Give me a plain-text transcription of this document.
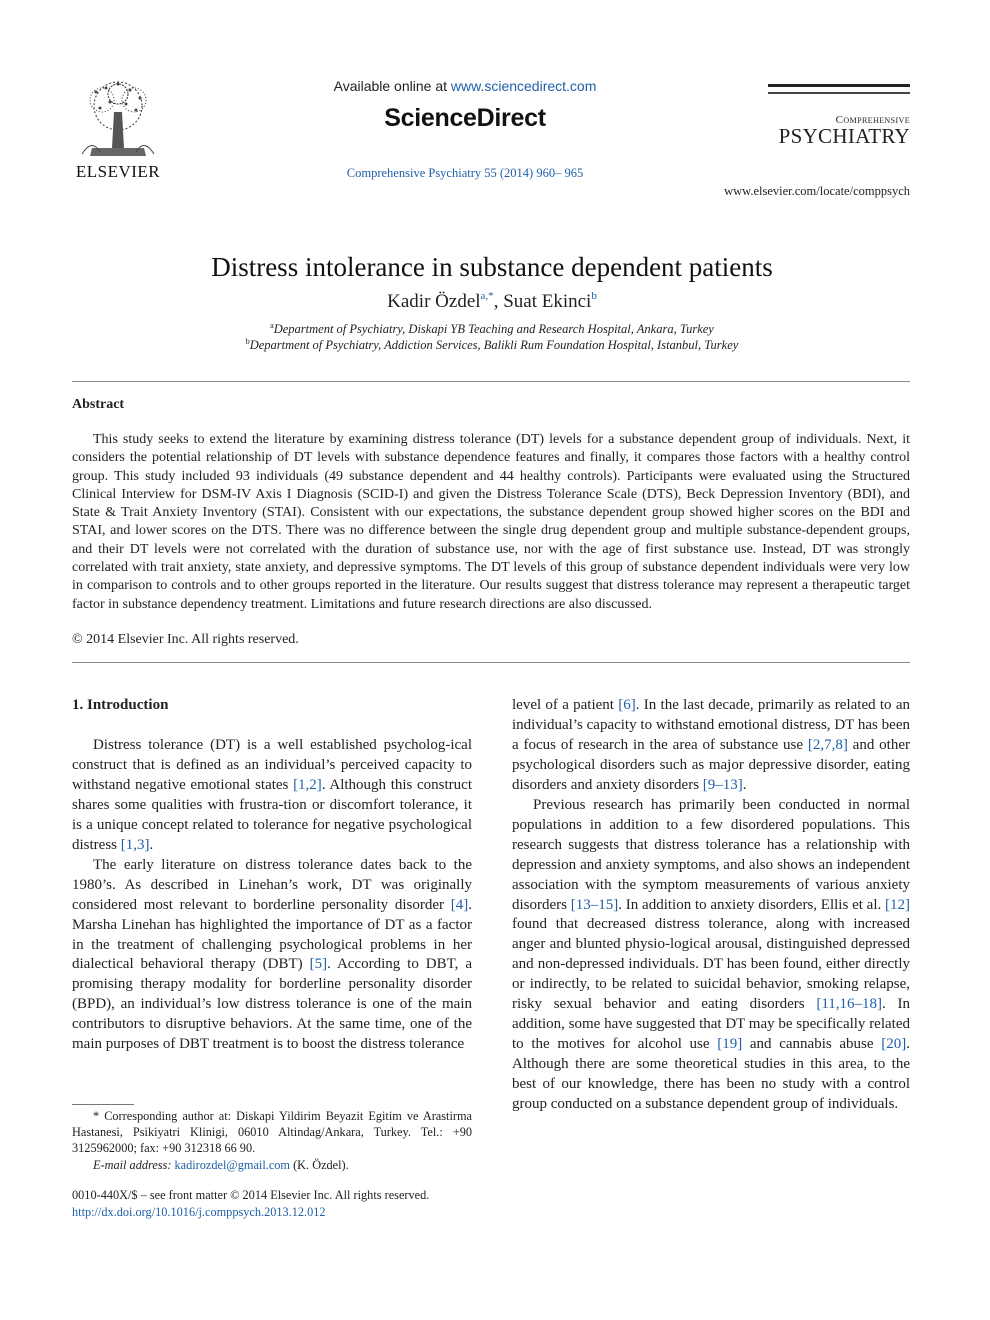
ELSEVIER
Available online at www.sciencedirect.com
ScienceDirect
Comprehensive Psychiatry 55 (2014) 960– 965
Comprehensive
PSYCHIATRY
www.elsevier.com/locate/comppsych
Distress intolerance in substance dependent patients
Kadir Özdel$^{a,*}$, Suat Ekinci$^b$
$^a$Department of Psychiatry, Diskapi YB Teaching and Research Hospital, Ankara, Turkey
$^b$Department of Psychiatry, Addiction Services, Balikli Rum Foundation Hospital, Istanbul, Turkey
Abstract

This study seeks to extend the literature by examining distress tolerance (DT) levels for a substance dependent group of individuals. Next, it considers the potential relationship of DT levels with substance dependence features and finally, it compares those factors with a healthy control group. This study included 93 individuals (49 substance dependent and 44 healthy controls). Participants were evaluated using the Structured Clinical Interview for DSM-IV Axis I Diagnosis (SCID-I) and given the Distress Tolerance Scale (DTS), Beck Depression Inventory (BDI), and State & Trait Anxiety Inventory (STAI). Consistent with our expectations, the substance dependent group showed higher scores on the BDI and STAI, and lower scores on the DTS. There was no difference between the single drug dependent group and multiple substance-dependent groups, and their DT levels were not correlated with the duration of substance use, nor with the age of first substance use. Instead, DT was strongly correlated with trait anxiety, state anxiety, and depressive symptoms. The DT levels of this group of substance dependent individuals were very low in comparison to controls and to other groups reported in the literature. Our results suggest that distress tolerance may represent a therapeutic target factor in substance dependency treatment. Limitations and future research directions are also discussed.

© 2014 Elsevier Inc. All rights reserved.
1. Introduction

Distress tolerance (DT) is a well established psycholog-ical construct that is defined as an individual’s perceived capacity to withstand negative emotional states [1,2]. Although this construct shares some qualities with frustra-tion or discomfort tolerance, it is a unique concept related to tolerance for negative psychological distress [1,3].

The early literature on distress tolerance dates back to the 1980’s. As described in Linehan’s work, DT was originally considered most relevant to borderline personality disorder [4]. Marsha Linehan has highlighted the importance of DT as a factor in the treatment of challenging psychological problems in her dialectical behavioral therapy (DBT) [5]. According to DBT, a promising therapy modality for borderline personality disorder (BPD), an individual’s low distress tolerance is one of the main contributors to disruptive behaviors. At the same time, one of the main purposes of DBT treatment is to boost the distress tolerance

* Corresponding author at: Diskapi Yildirim Beyazit Egitim ve Arastirma Hastanesi, Psikiyatri Klinigi, 06010 Altindag/Ankara, Turkey. Tel.: +90 3125962000; fax: +90 312318 66 90.

E-mail address: kadirozdel@gmail.com (K. Özdel).

0010-440X/$ – see front matter © 2014 Elsevier Inc. All rights reserved.
http://dx.doi.org/10.1016/j.comppsych.2013.12.012

level of a patient [6]. In the last decade, primarily as related to an individual’s capacity to withstand emotional distress, DT has been a focus of research in the area of substance use [2,7,8] and other psychological disorders such as major depressive disorder, eating disorders and anxiety disorders [9–13].

Previous research has primarily been conducted in normal populations in addition to a few disordered populations. This research suggests that distress tolerance has a relationship with depression and anxiety symptoms, and also shows an independent association with the symptom measurements of various anxiety disorders [13–15]. In addition to anxiety disorders, Ellis et al. [12] found that decreased distress tolerance, along with increased anger and blunted physio-logical arousal, distinguished depressed and non-depressed individuals. DT has been found, either directly or indirectly, to be related to suicidal behavior, smoking relapse, risky sexual behavior and eating disorders [11,16–18]. In addition, some have suggested that DT may be specifically related to the motives for alcohol use [19] and cannabis abuse [20]. Although there are some theoretical studies in this area, to the best of our knowledge, there has been no study with a control group conducted on a substance dependent group of individuals.
